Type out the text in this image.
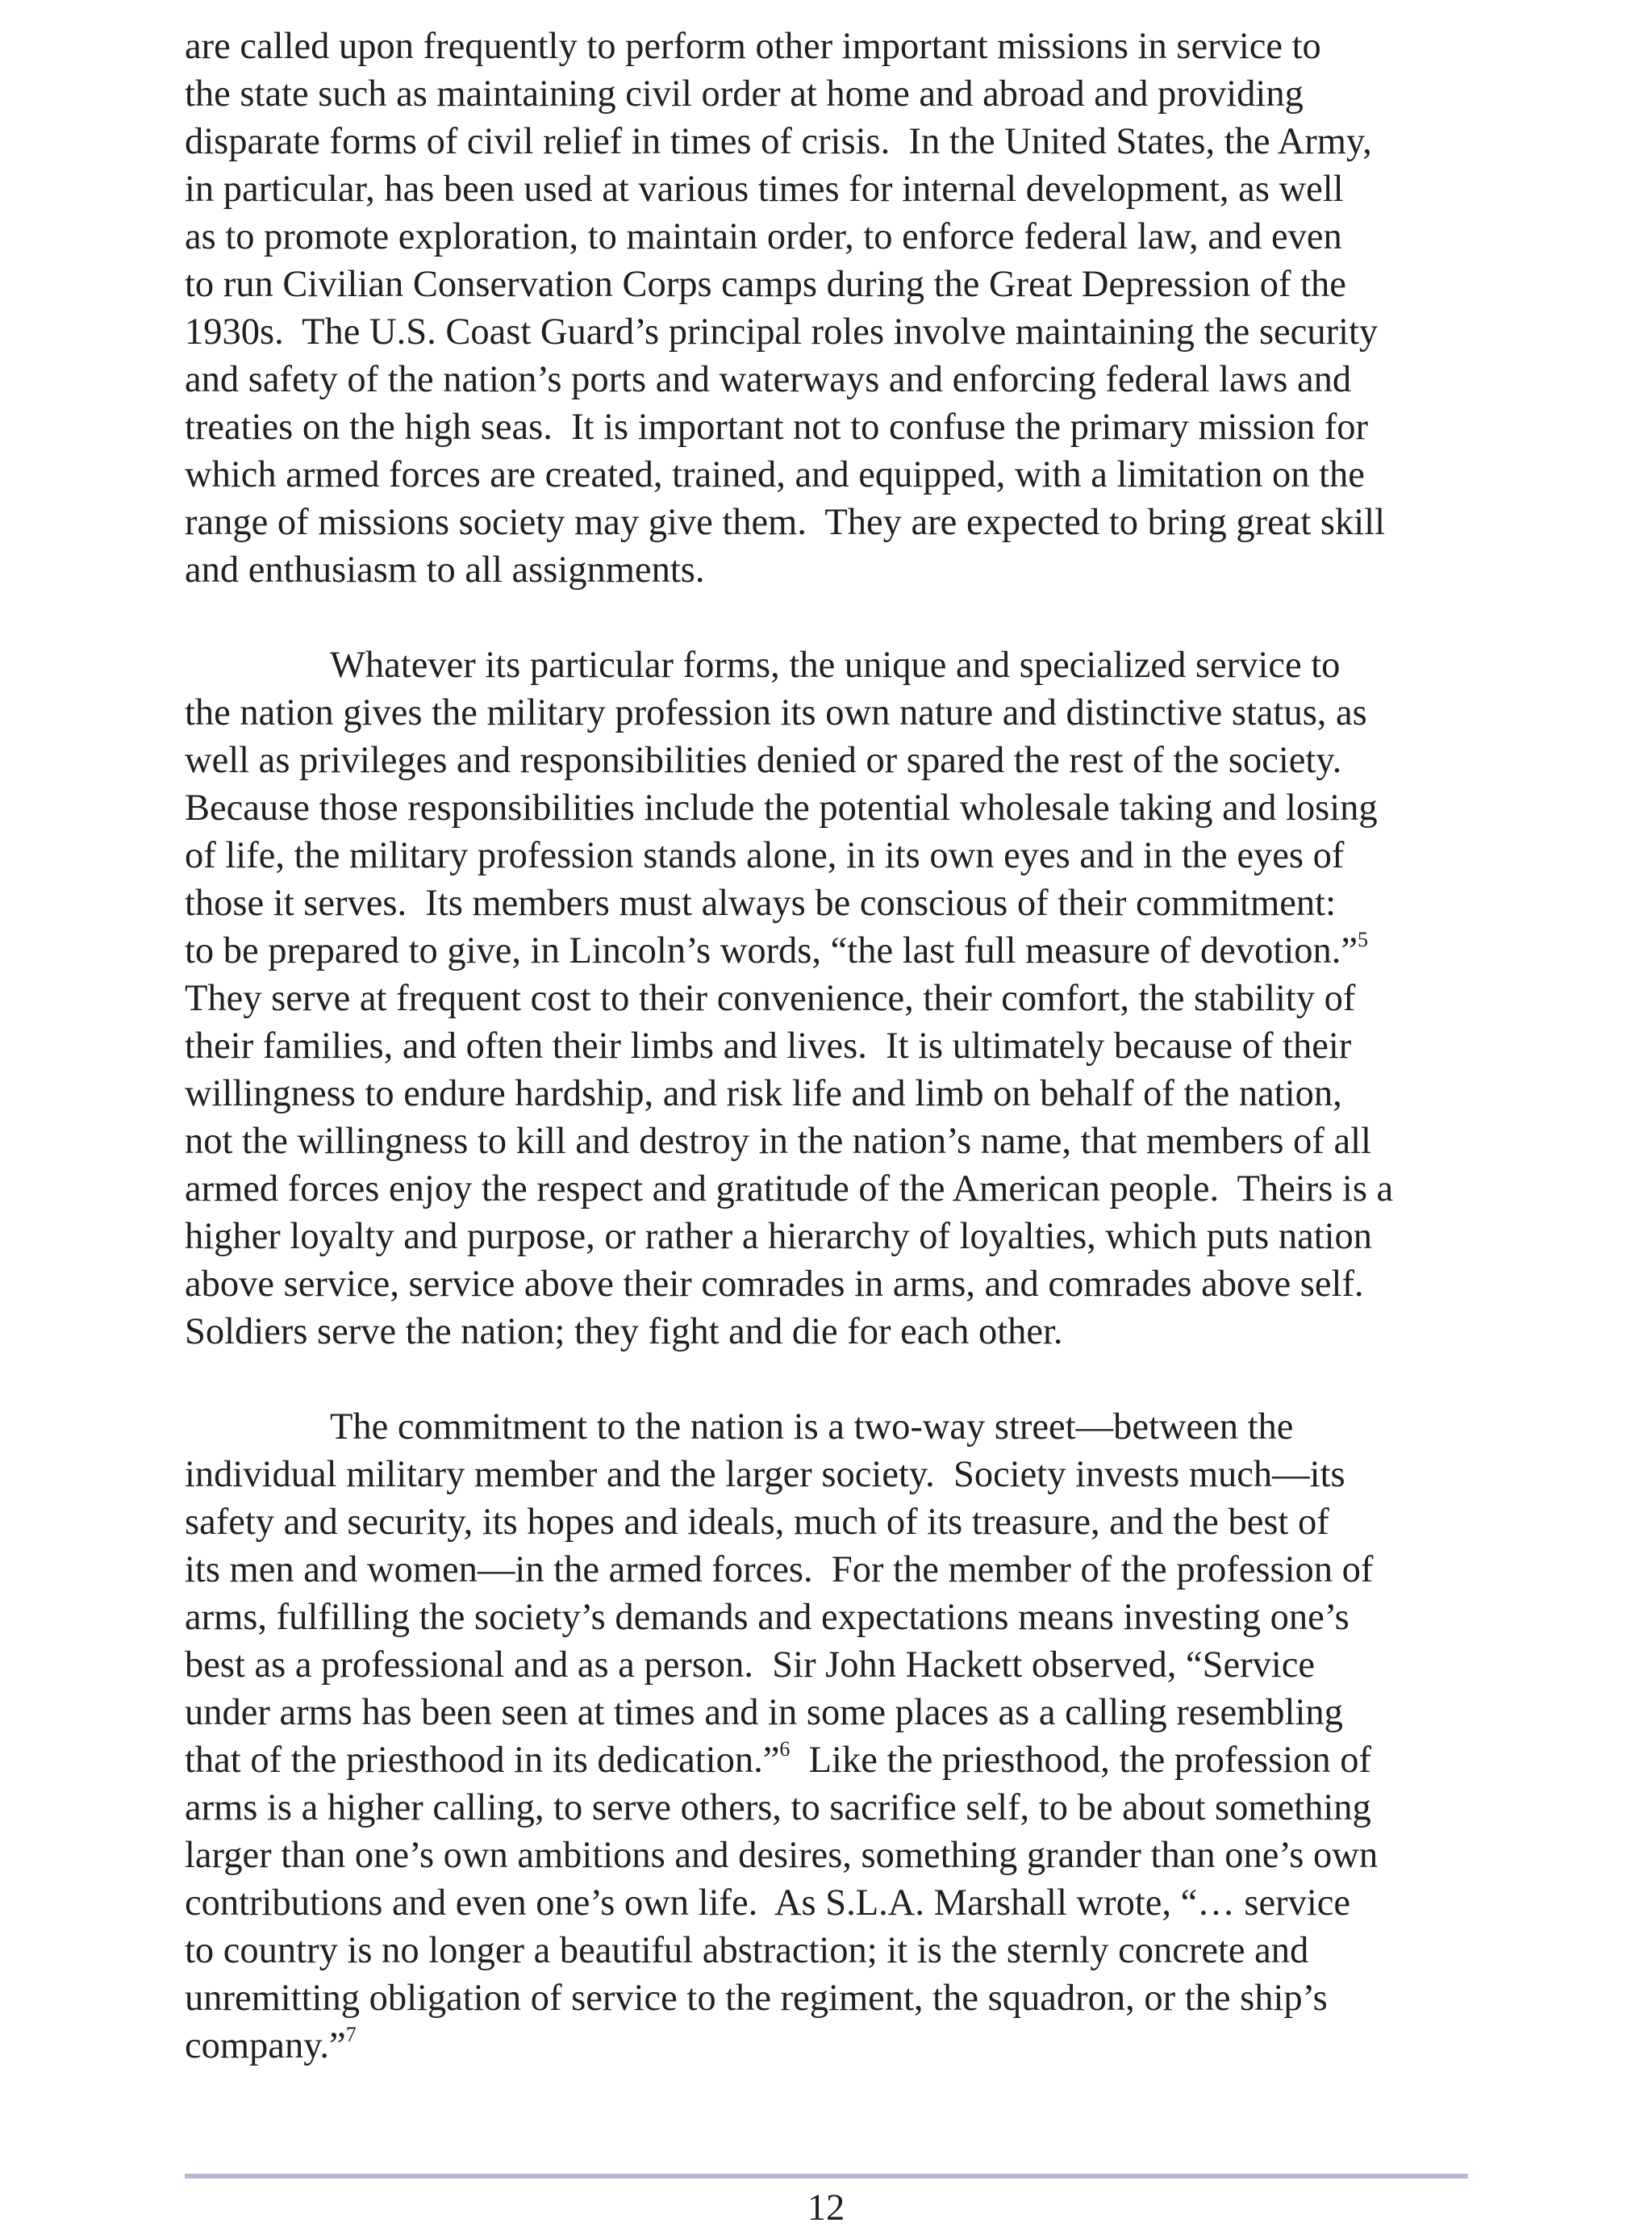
are called upon frequently to perform other important missions in service to
the state such as maintaining civil order at home and abroad and providing
disparate forms of civil relief in times of crisis.  In the United States, the Army,
in particular, has been used at various times for internal development, as well
as to promote exploration, to maintain order, to enforce federal law, and even
to run Civilian Conservation Corps camps during the Great Depression of the
1930s.  The U.S. Coast Guard’s principal roles involve maintaining the security
and safety of the nation’s ports and waterways and enforcing federal laws and
treaties on the high seas.  It is important not to confuse the primary mission for
which armed forces are created, trained, and equipped, with a limitation on the
range of missions society may give them.  They are expected to bring great skill
and enthusiasm to all assignments.
Whatever its particular forms, the unique and specialized service to
the nation gives the military profession its own nature and distinctive status, as
well as privileges and responsibilities denied or spared the rest of the society.
Because those responsibilities include the potential wholesale taking and losing
of life, the military profession stands alone, in its own eyes and in the eyes of
those it serves.  Its members must always be conscious of their commitment:
to be prepared to give, in Lincoln’s words, “the last full measure of devotion.”$^5$
They serve at frequent cost to their convenience, their comfort, the stability of
their families, and often their limbs and lives.  It is ultimately because of their
willingness to endure hardship, and risk life and limb on behalf of the nation,
not the willingness to kill and destroy in the nation’s name, that members of all
armed forces enjoy the respect and gratitude of the American people.  Theirs is a
higher loyalty and purpose, or rather a hierarchy of loyalties, which puts nation
above service, service above their comrades in arms, and comrades above self.
Soldiers serve the nation; they fight and die for each other.
The commitment to the nation is a two-way street—between the
individual military member and the larger society.  Society invests much—its
safety and security, its hopes and ideals, much of its treasure, and the best of
its men and women—in the armed forces.  For the member of the profession of
arms, fulfilling the society’s demands and expectations means investing one’s
best as a professional and as a person.  Sir John Hackett observed, “Service
under arms has been seen at times and in some places as a calling resembling
that of the priesthood in its dedication.”$^6$  Like the priesthood, the profession of
arms is a higher calling, to serve others, to sacrifice self, to be about something
larger than one’s own ambitions and desires, something grander than one’s own
contributions and even one’s own life.  As S.L.A. Marshall wrote, “… service
to country is no longer a beautiful abstraction; it is the sternly concrete and
unremitting obligation of service to the regiment, the squadron, or the ship’s
company.”$^7$
12
